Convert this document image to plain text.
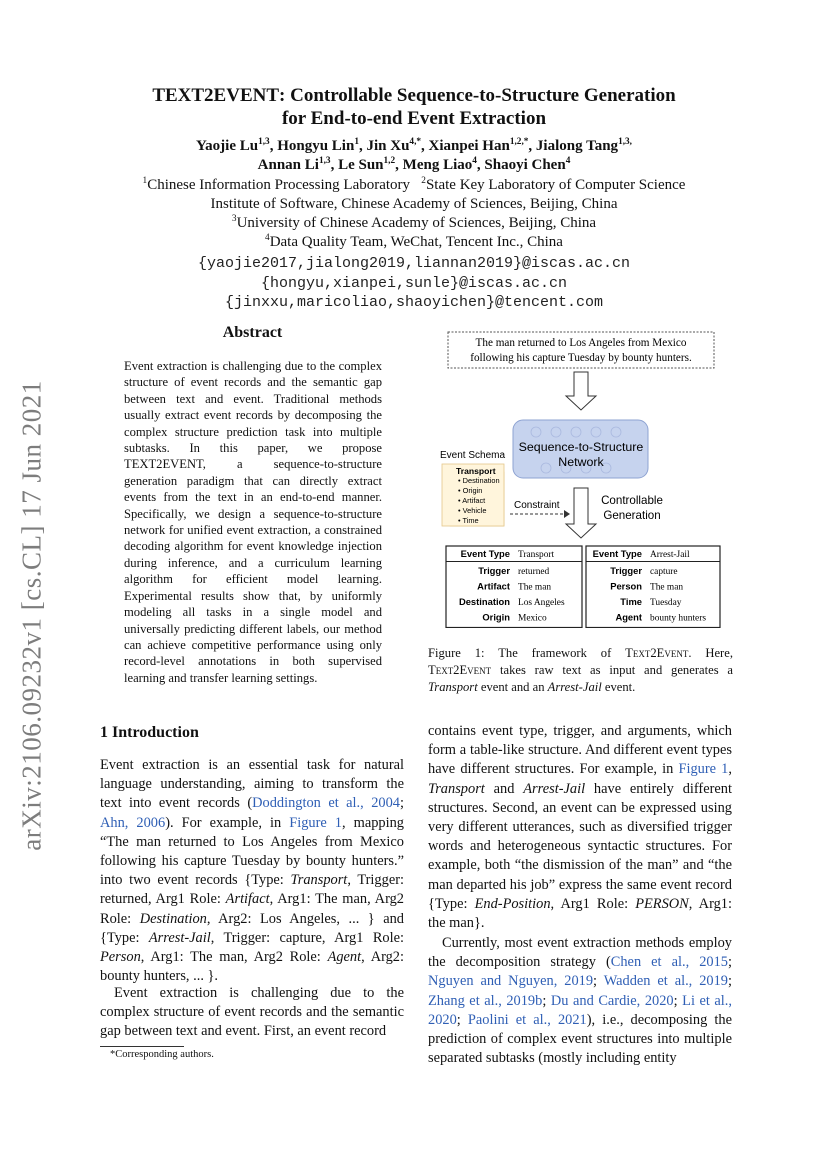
arXiv:2106.09232v1 [cs.CL] 17 Jun 2021
TEXT2EVENT: Controllable Sequence-to-Structure Generation
for End-to-end Event Extraction
Yaojie Lu$^{1,3}$, Hongyu Lin$^1$, Jin $Xu^{4,*}$, Xianpei Han$^{1,2,*}$, Jialong Tang$^{1,3,}$
Annan Li$^{1,3}$, Le Sun$^{1,2}$, Meng Liao$^4$, Shaoyi Chen$^4$
$^1$Chinese Information Processing Laboratory   $^2$State Key Laboratory of Computer Science
Institute of Software, Chinese Academy of Sciences, Beijing, China
$^3$University of Chinese Academy of Sciences, Beijing, China
$^4$Data Quality Team, WeChat, Tencent Inc., China
{yaojie2017,jialong2019,liannan2019}@iscas.ac.cn
{hongyu,xianpei,sunle}@iscas.ac.cn
{jinxxu,maricoliao,shaoyichen}@tencent.com
Abstract
Event extraction is challenging due to the complex structure of event records and the semantic gap between text and event. Traditional methods usually extract event records by decomposing the complex structure prediction task into multiple subtasks. In this paper, we propose TEXT2EVENT, a sequence-to-structure generation paradigm that can directly extract events from the text in an end-to-end manner. Specifically, we design a sequence-to-structure network for unified event extraction, a constrained decoding algorithm for event knowledge injection during inference, and a curriculum learning algorithm for efficient model learning. Experimental results show that, by uniformly modeling all tasks in a single model and universally predicting different labels, our method can achieve competitive performance using only record-level annotations in both supervised learning and transfer learning settings.
The man returned to Los Angeles from Mexico
following his capture Tuesday by bounty hunters.
Sequence-to-Structure
Network
Event Schema
Transport
• Destination
• Origin
• Artifact
• Vehicle
• Time
Constraint	Controllable
Generation
Event Type Transport
Trigger returned
Artifact The man
Destination Los Angeles
Origin Mexico
Event Type Arrest-Jail
Trigger capture
Person The man
Time Tuesday
Agent bounty hunters
Figure 1: The framework of Text2Event. Here, Text2Event takes raw text as input and generates a Transport event and an Arrest-Jail event.
1 Introduction
Event extraction is an essential task for natural language understanding, aiming to transform the text into event records (Doddington et al., 2004; Ahn, 2006). For example, in Figure 1, mapping “The man returned to Los Angeles from Mexico following his capture Tuesday by bounty hunters.” into two event records {Type: Transport, Trigger: returned, Arg1 Role: Artifact, Arg1: The man, Arg2 Role: Destination, Arg2: Los Angeles, ... } and {Type: Arrest-Jail, Trigger: capture, Arg1 Role: Person, Arg1: The man, Arg2 Role: Agent, Arg2: bounty hunters, ... }.
Event extraction is challenging due to the complex structure of event records and the semantic gap between text and event. First, an event record
contains event type, trigger, and arguments, which form a table-like structure. And different event types have different structures. For example, in Figure 1, Transport and Arrest-Jail have entirely different structures. Second, an event can be expressed using very different utterances, such as diversified trigger words and heterogeneous syntactic structures. For example, both “the dismission of the man” and “the man departed his job” express the same event record {Type: End-Position, Arg1 Role: PERSON, Arg1: the man}.
Currently, most event extraction methods employ the decomposition strategy (Chen et al., 2015; Nguyen and Nguyen, 2019; Wadden et al., 2019; Zhang et al., 2019b; Du and Cardie, 2020; Li et al., 2020; Paolini et al., 2021), i.e., decomposing the prediction of complex event structures into multiple separated subtasks (mostly including entity
*Corresponding authors.
